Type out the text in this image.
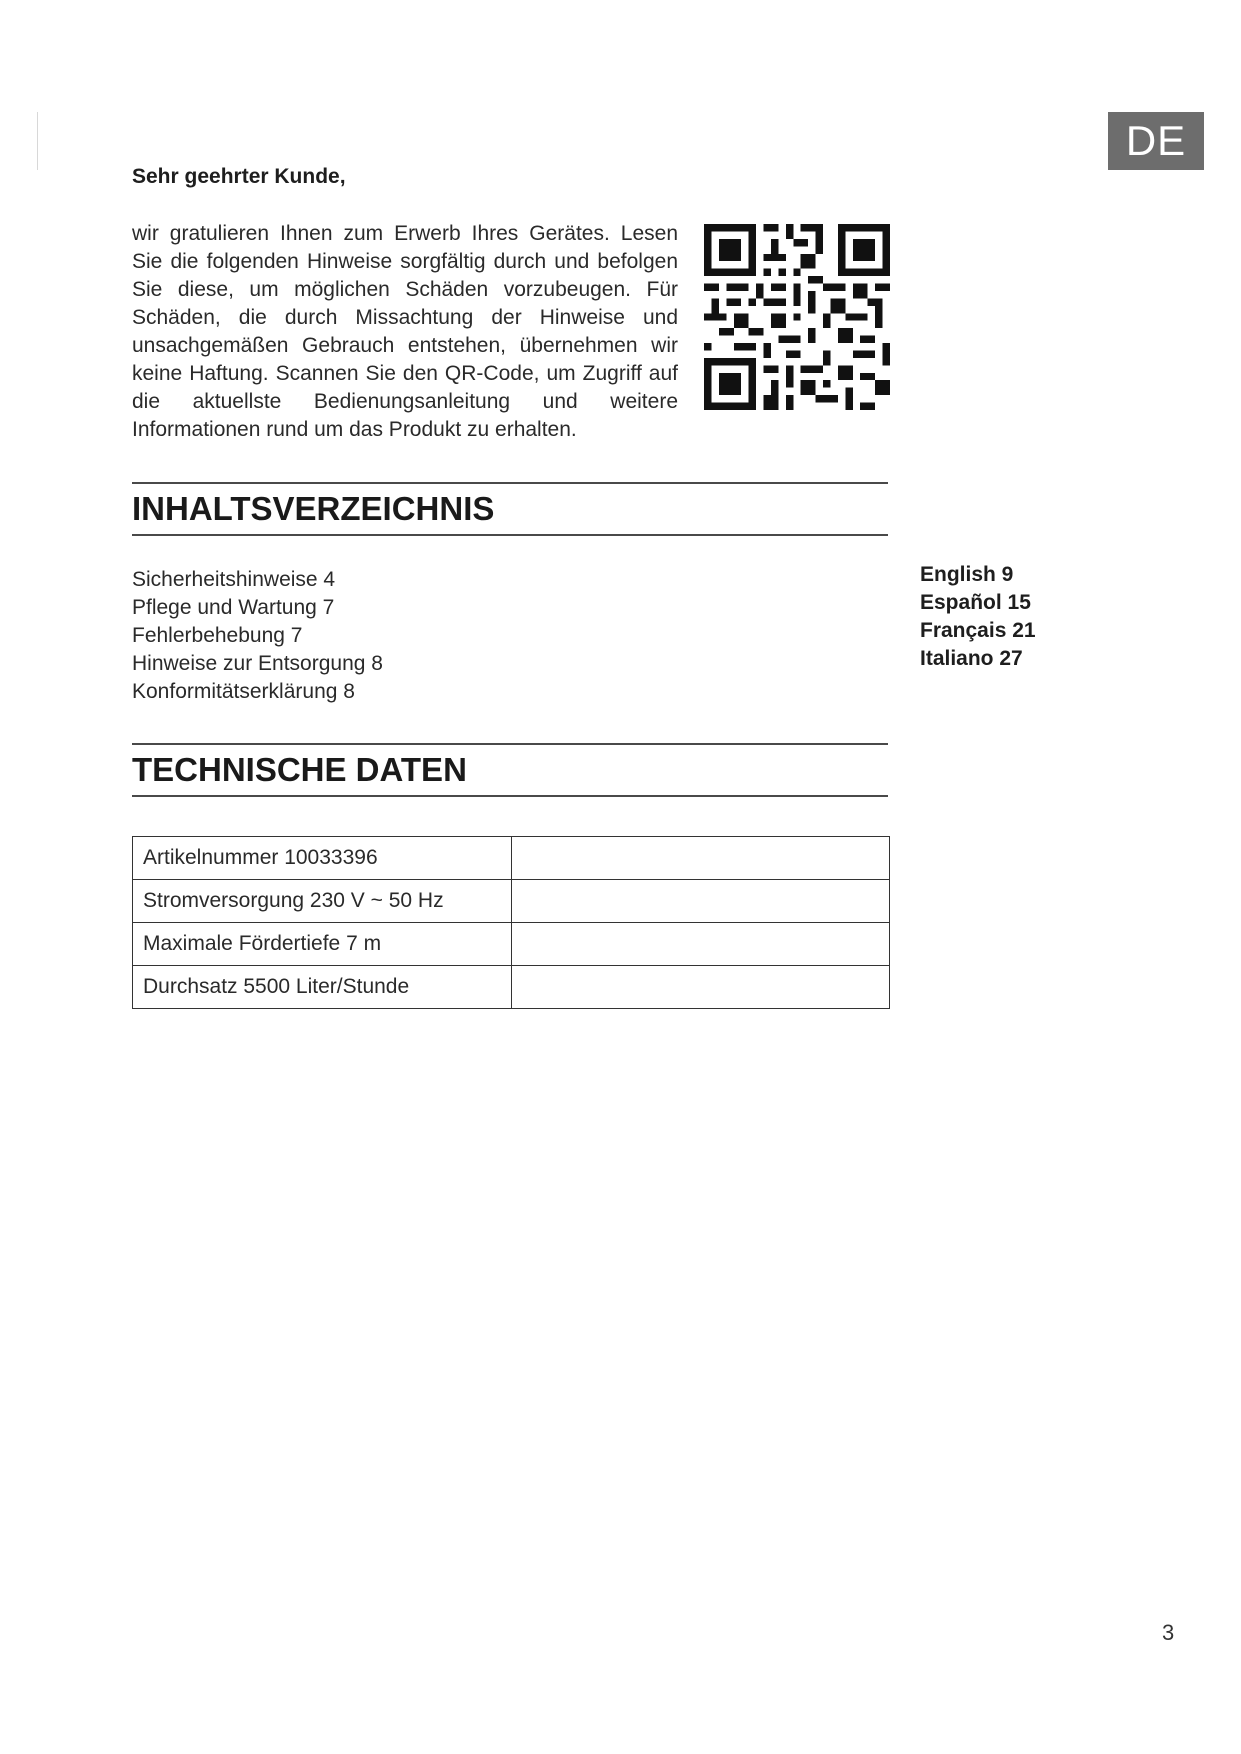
DE
Sehr geehrter Kunde,
wir gratulieren Ihnen zum Erwerb Ihres Gerätes. Lesen Sie die folgenden Hinweise sorgfältig durch und befolgen Sie diese, um möglichen Schäden vorzubeugen. Für Schäden, die durch Missachtung der Hinweise und unsachgemäßen Gebrauch entstehen, übernehmen wir keine Haftung. Scannen Sie den QR-Code, um Zugriff auf die aktuellste Bedienungsanleitung und weitere Informationen rund um das Produkt zu erhalten.
INHALTSVERZEICHNIS
Sicherheitshinweise 4
Pflege und Wartung 7
Fehlerbehebung 7
Hinweise zur Entsorgung 8
Konformitätserklärung 8
English 9
Español 15
Français 21
Italiano 27
TECHNISCHE DATEN
Artikelnummer 10033396	
Stromversorgung 230 V ~ 50 Hz	
Maximale Fördertiefe 7 m	
Durchsatz 5500 Liter/Stunde	
3
